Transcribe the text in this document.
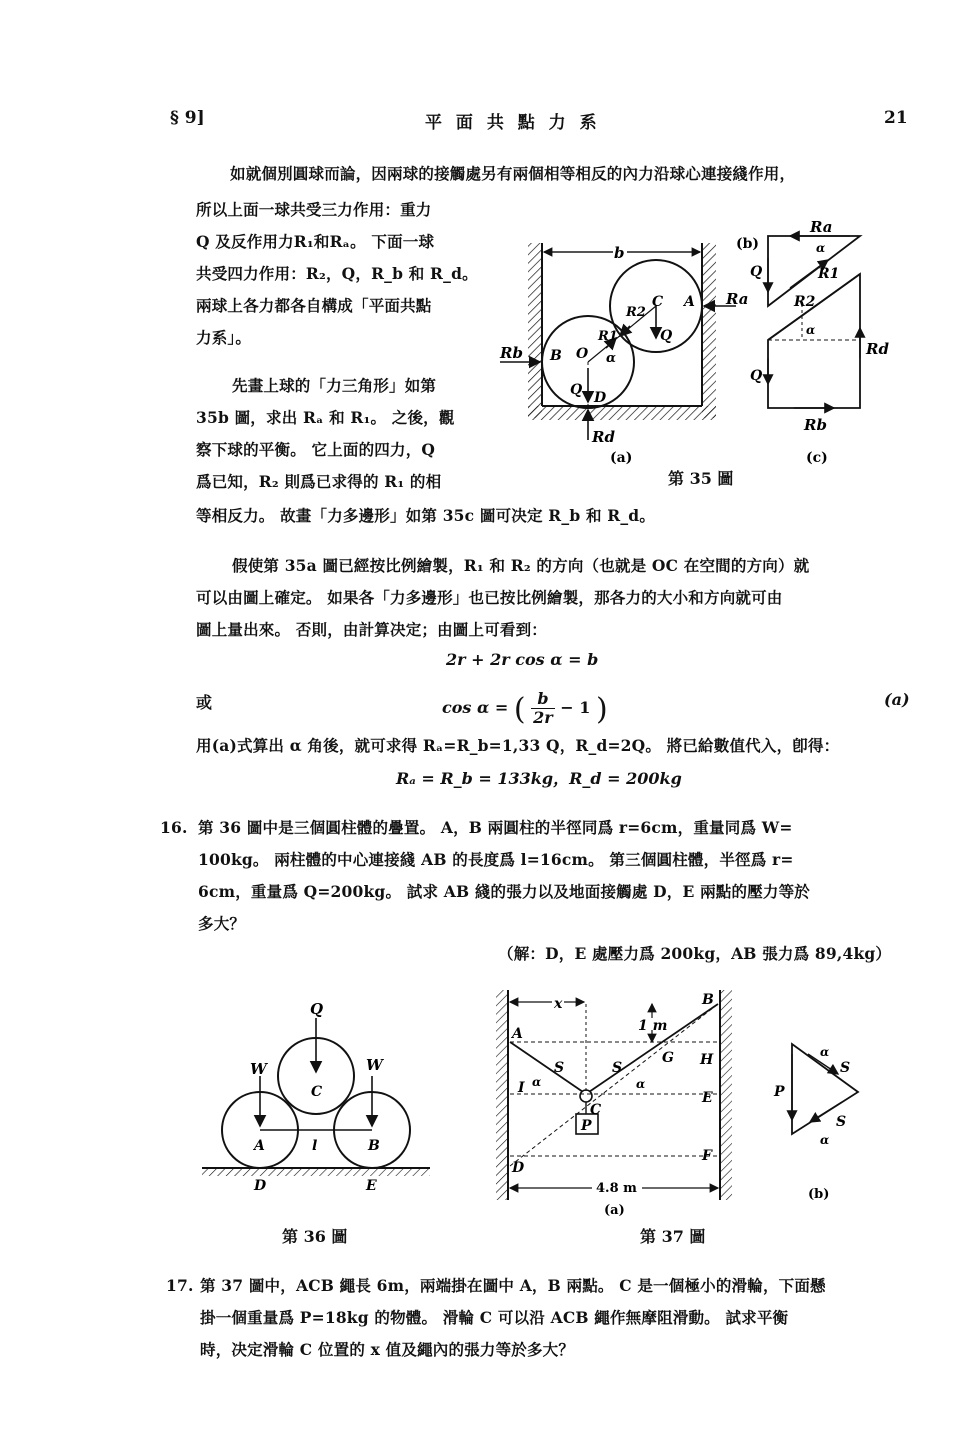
§ 9]	平 面 共 點 力 系	21
如就個別圓球而論，因兩球的接觸處另有兩個相等相反的內力沿球心連接綫作用，
所以上面一球共受三力作用：重力
Q 及反作用力R₁和Rₐ。 下面一球
共受四力作用：R₂，Q，R_b 和 R_d。
兩球上各力都各自構成「平面共點
力系」。
先畫上球的「力三角形」如第
35b 圖，求出 Rₐ 和 R₁。 之後，觀
察下球的平衡。 它上面的四力，Q
爲已知，R₂ 則爲已求得的 R₁ 的相
等相反力。 故畫「力多邊形」如第 35c 圖可决定 R_b 和 R_d。
b
Rb
Ra
Q
Q
C A
B O
D
Rd
R1
R2
α
(a)
Ra
R1
Q
α
(b)
Rd
Rb
Q
R2
α
(c)
第 35 圖
假使第 35a 圖已經按比例繪製，R₁ 和 R₂ 的方向（也就是 OC 在空間的方向）就
可以由圖上確定。 如果各「力多邊形」也已按比例繪製，那各力的大小和方向就可由
圖上量出來。 否則，由計算决定；由圖上可看到：
2r + 2r cos α = b
或	cos α = ( $\frac{b}{2r} - 1$ )	(a)
用(a)式算出 α 角後，就可求得 Rₐ=R_b=1,33 Q，R_d=2Q。 將已給數值代入，卽得：
Rₐ = R_b = 133kg，R_d = 200kg
16. 第 36 圖中是三個圓柱體的疊置。 A，B 兩圓柱的半徑同爲 r=6cm，重量同爲 W=
100kg。 兩柱體的中心連接綫 AB 的長度爲 l=16cm。 第三個圓柱體，半徑爲 r=
6cm，重量爲 Q=200kg。 試求 AB 綫的張力以及地面接觸處 D，E 兩點的壓力等於
多大？
（解：D，E 處壓力爲 200kg，AB 張力爲 89,4kg）
Q
W	W
C
A	B
l
D	E
第 36 圖
P
x
1 m
4.8 m
(a)
A
B
C
D
E
F
G H
I
S	S
α	α	P
S
S
α
α
(b)
第 37 圖
17. 第 37 圖中，ACB 繩長 6m，兩端掛在圖中 A，B 兩點。 C 是一個極小的滑輪，下面懸
掛一個重量爲 P=18kg 的物體。 滑輪 C 可以沿 ACB 繩作無摩阻滑動。 試求平衡
時，决定滑輪 C 位置的 x 值及繩內的張力等於多大？
